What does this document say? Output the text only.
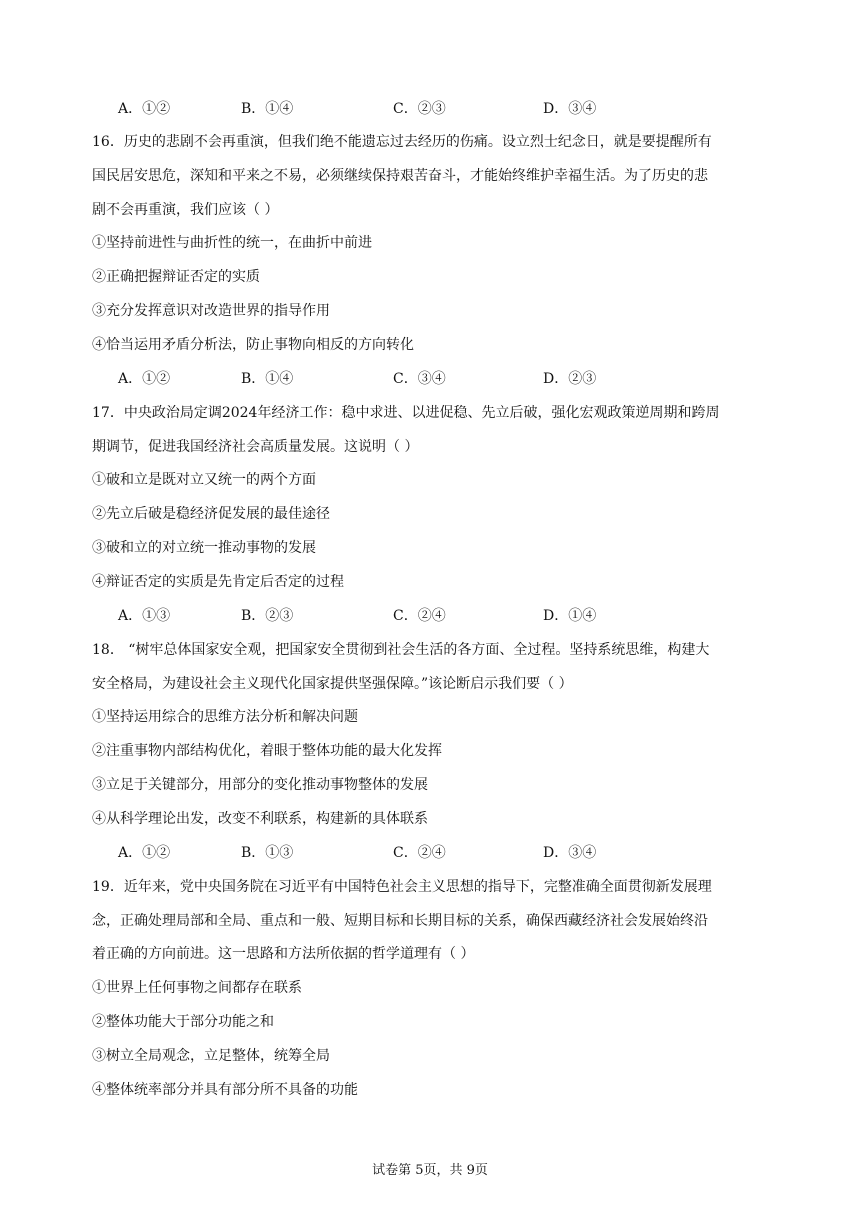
A．①②	B．①④	C．②③	D．③④
16．历史的悲剧不会再重演，但我们绝不能遗忘过去经历的伤痛。设立烈士纪念日，就是要提醒所有
国民居安思危，深知和平来之不易，必须继续保持艰苦奋斗，才能始终维护幸福生活。为了历史的悲
剧不会再重演，我们应该（ ）
①坚持前进性与曲折性的统一，在曲折中前进
②正确把握辩证否定的实质
③充分发挥意识对改造世界的指导作用
④恰当运用矛盾分析法，防止事物向相反的方向转化
A．①②	B．①④	C．③④	D．②③
17．中央政治局定调2024年经济工作：稳中求进、以进促稳、先立后破，强化宏观政策逆周期和跨周
期调节，促进我国经济社会高质量发展。这说明（ ）
①破和立是既对立又统一的两个方面
②先立后破是稳经济促发展的最佳途径
③破和立的对立统一推动事物的发展
④辩证否定的实质是先肯定后否定的过程
A．①③	B．②③	C．②④	D．①④
18． “树牢总体国家安全观，把国家安全贯彻到社会生活的各方面、全过程。坚持系统思维，构建大
安全格局，为建设社会主义现代化国家提供坚强保障。”该论断启示我们要（ ）
①坚持运用综合的思维方法分析和解决问题
②注重事物内部结构优化，着眼于整体功能的最大化发挥
③立足于关键部分，用部分的变化推动事物整体的发展
④从科学理论出发，改变不利联系，构建新的具体联系
A．①②	B．①③	C．②④	D．③④
19．近年来，党中央国务院在习近平有中国特色社会主义思想的指导下，完整准确全面贯彻新发展理
念，正确处理局部和全局、重点和一般、短期目标和长期目标的关系，确保西藏经济社会发展始终沿
着正确的方向前进。这一思路和方法所依据的哲学道理有（ ）
①世界上任何事物之间都存在联系
②整体功能大于部分功能之和
③树立全局观念，立足整体，统筹全局
④整体统率部分并具有部分所不具备的功能
试卷第 5页，共 9页
